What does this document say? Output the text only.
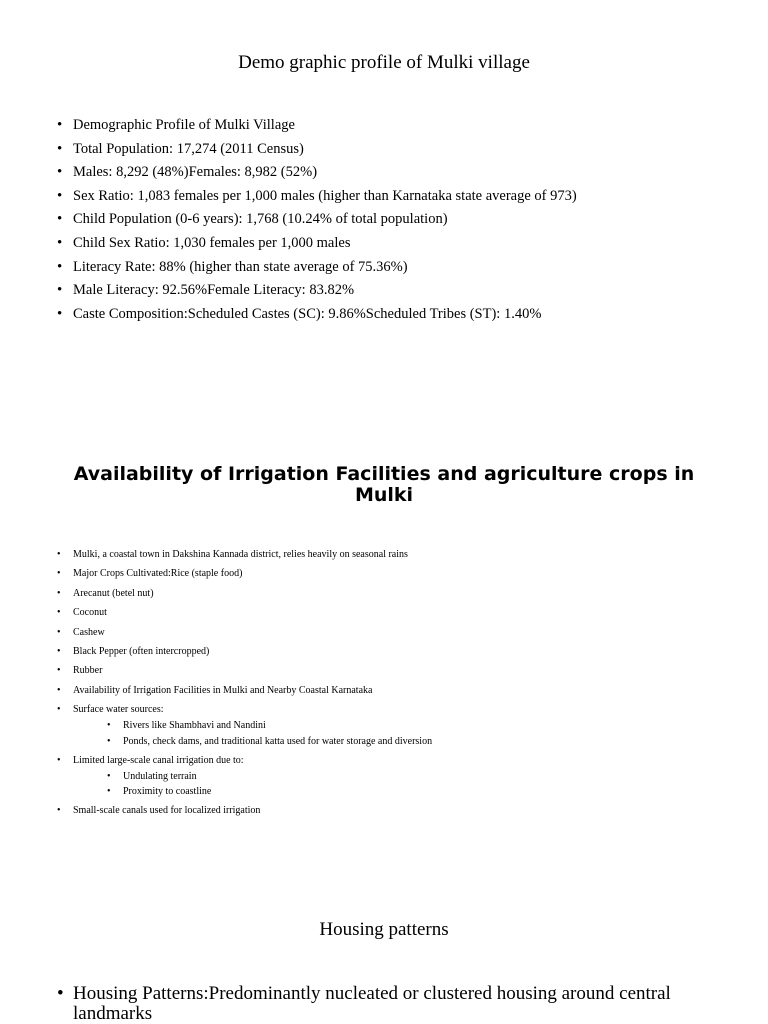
Demo graphic profile of Mulki village
• Demographic Profile of Mulki Village
• Total Population: 17,274 (2011 Census)
• Males: 8,292 (48%)Females: 8,982 (52%)
• Sex Ratio: 1,083 females per 1,000 males (higher than Karnataka state average of 973)
• Child Population (0-6 years): 1,768 (10.24% of total population)
• Child Sex Ratio: 1,030 females per 1,000 males
• Literacy Rate: 88% (higher than state average of 75.36%)
• Male Literacy: 92.56%Female Literacy: 83.82%
• Caste Composition:Scheduled Castes (SC): 9.86%Scheduled Tribes (ST): 1.40%
Availability of Irrigation Facilities and agriculture crops in Mulki
• Mulki, a coastal town in Dakshina Kannada district, relies heavily on seasonal rains
• Major Crops Cultivated:Rice (staple food)
• Arecanut (betel nut)
• Coconut
• Cashew
• Black Pepper (often intercropped)
• Rubber
• Availability of Irrigation Facilities in Mulki and Nearby Coastal Karnataka
• Surface water sources:
• Rivers like Shambhavi and Nandini
• Ponds, check dams, and traditional katta used for water storage and diversion
• Limited large-scale canal irrigation due to:
• Undulating terrain
• Proximity to coastline
• Small-scale canals used for localized irrigation
Housing patterns
• Housing Patterns:Predominantly nucleated or clustered housing around central landmarks
